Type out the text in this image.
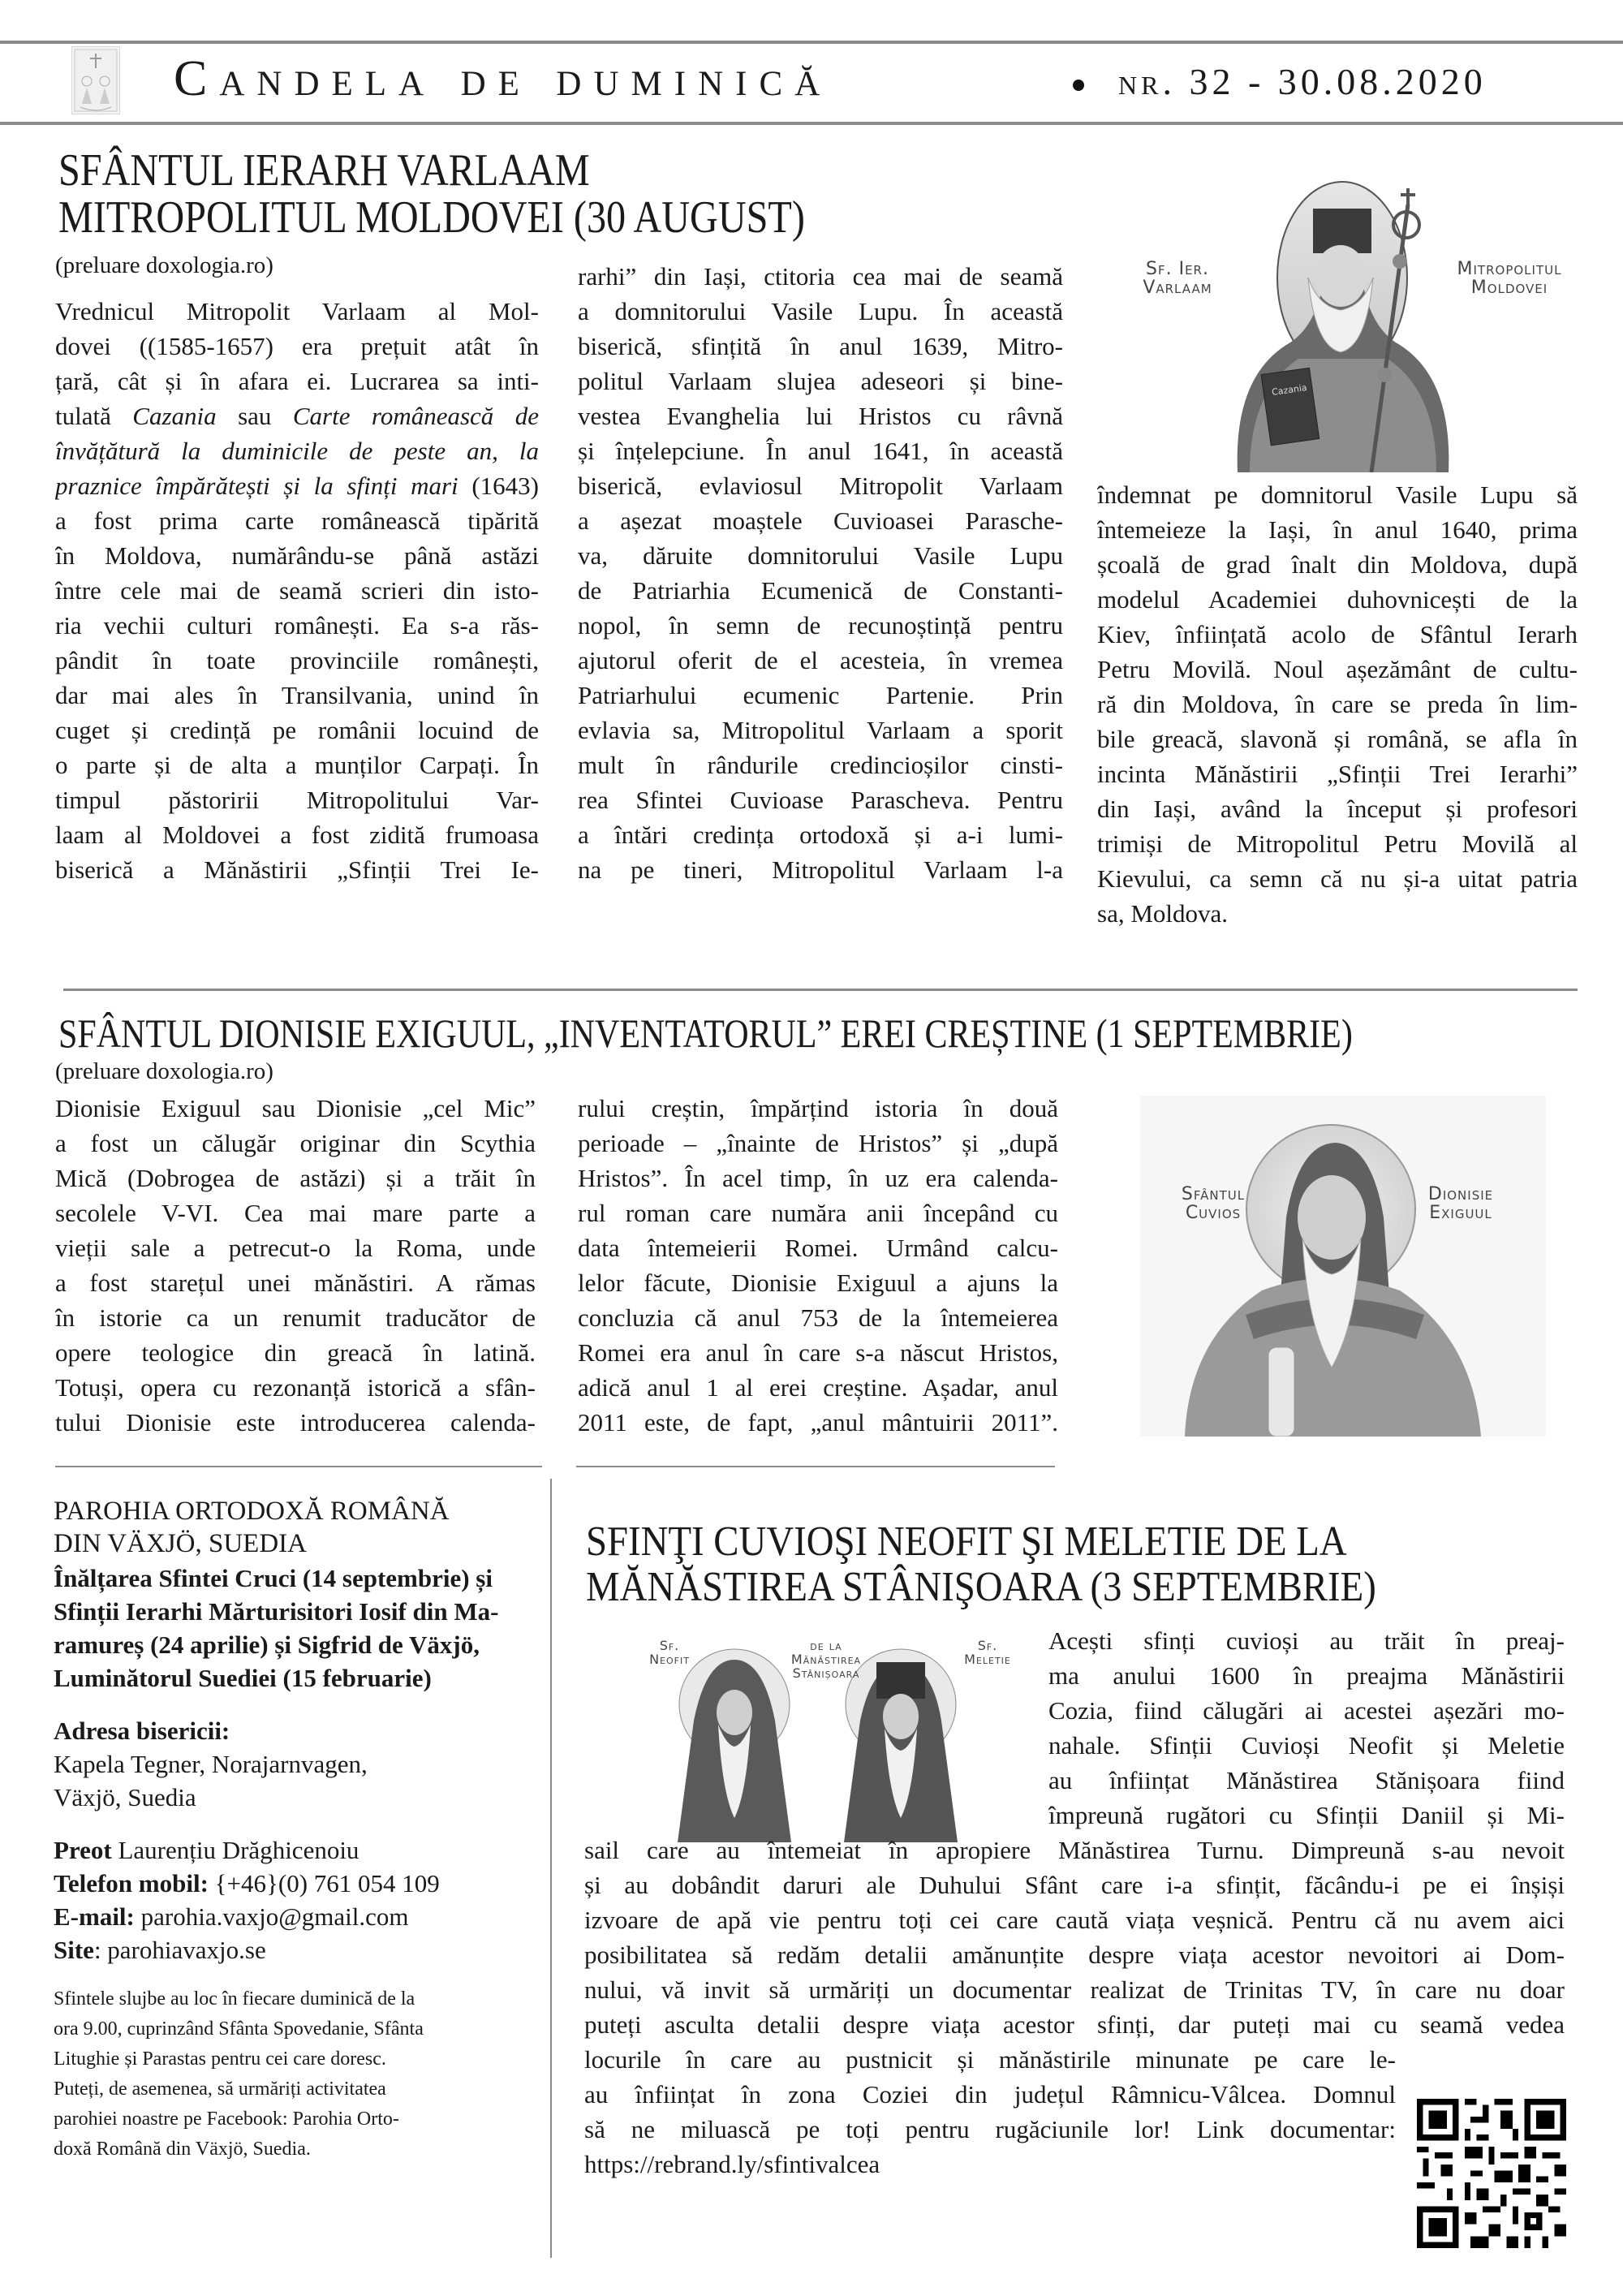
Candela de duminică	nr. 32 - 30.08.2020
SFÂNTUL IERARH VARLAAM
MITROPOLITUL MOLDOVEI (30 AUGUST)
(preluare doxologia.ro)
Vrednicul Mitropolit Varlaam al Mol-
dovei ((1585-1657) era prețuit atât în
țară, cât și în afara ei. Lucrarea sa inti-
tulată Cazania sau Carte românească de
învățătură la duminicile de peste an, la
praznice împărătești și la sfinți mari (1643)
a fost prima carte românească tipărită
în Moldova, numărându-se până astăzi
între cele mai de seamă scrieri din isto-
ria vechii culturi românești. Ea s-a răs-
pândit în toate provinciile românești,
dar mai ales în Transilvania, unind în
cuget și credință pe românii locuind de
o parte și de alta a munților Carpați. În
timpul păstoririi Mitropolitului Var-
laam al Moldovei a fost zidită frumoasa
biserică a Mănăstirii „Sfinții Trei Ie-
rarhi” din Iași, ctitoria cea mai de seamă
a domnitorului Vasile Lupu. În această
biserică, sfințită în anul 1639, Mitro-
politul Varlaam slujea adeseori și bine-
vestea Evanghelia lui Hristos cu râvnă
și înțelepciune. În anul 1641, în această
biserică, evlaviosul Mitropolit Varlaam
a așezat moaștele Cuvioasei Parasche-
va, dăruite domnitorului Vasile Lupu
de Patriarhia Ecumenică de Constanti-
nopol, în semn de recunoștință pentru
ajutorul oferit de el acesteia, în vremea
Patriarhului ecumenic Partenie. Prin
evlavia sa, Mitropolitul Varlaam a sporit
mult în rândurile credincioșilor cinsti-
rea Sfintei Cuvioase Parascheva. Pentru
a întări credința ortodoxă și a-i lumi-
na pe tineri, Mitropolitul Varlaam l-a
Cazania
Sf. Ier.
Varlaam
Mitropolitul
Moldovei
îndemnat pe domnitorul Vasile Lupu să
întemeieze la Iași, în anul 1640, prima
școală de grad înalt din Moldova, după
modelul Academiei duhovnicești de la
Kiev, înființată acolo de Sfântul Ierarh
Petru Movilă. Noul așezământ de cultu-
ră din Moldova, în care se preda în lim-
bile greacă, slavonă și română, se afla în
incinta Mănăstirii „Sfinții Trei Ierarhi”
din Iași, având la început și profesori
trimiși de Mitropolitul Petru Movilă al
Kievului, ca semn că nu și-a uitat patria
sa, Moldova.
SFÂNTUL DIONISIE EXIGUUL, „INVENTATORUL” EREI CREȘTINE (1 SEPTEMBRIE)
(preluare doxologia.ro)
Dionisie Exiguul sau Dionisie „cel Mic”
a fost un călugăr originar din Scythia
Mică (Dobrogea de astăzi) și a trăit în
secolele V-VI. Cea mai mare parte a
vieții sale a petrecut-o la Roma, unde
a fost starețul unei mănăstiri. A rămas
în istorie ca un renumit traducător de
opere teologice din greacă în latină.
Totuși, opera cu rezonanță istorică a sfân-
tului Dionisie este introducerea calenda-
rului creștin, împărțind istoria în două
perioade – „înainte de Hristos” și „după
Hristos”. În acel timp, în uz era calenda-
rul roman care număra anii începând cu
data întemeierii Romei. Urmând calcu-
lelor făcute, Dionisie Exiguul a ajuns la
concluzia că anul 753 de la întemeierea
Romei era anul în care s-a născut Hristos,
adică anul 1 al erei creștine. Așadar, anul
2011 este, de fapt, „anul mântuirii 2011”.
Sfântul
Cuvios
Dionisie
Exiguul
PAROHIA ORTODOXĂ ROMÂNĂ
DIN VÄXJÖ, SUEDIA
Înălțarea Sfintei Cruci (14 septembrie) și
Sfinții Ierarhi Mărturisitori Iosif din Ma-
ramureș (24 aprilie) și Sigfrid de Växjö,
Luminătorul Suediei (15 februarie)
Adresa bisericii:
Kapela Tegner, Norajarnvagen,
Växjö, Suedia
Preot Laurențiu Drăghicenoiu
Telefon mobil: {+46}(0) 761 054 109
E-mail: parohia.vaxjo@gmail.com
Site: parohiavaxjo.se
Sfintele slujbe au loc în fiecare duminică de la
ora 9.00, cuprinzând Sfânta Spovedanie, Sfânta
Litughie și Parastas pentru cei care doresc.
Puteți, de asemenea, să urmăriți activitatea
parohiei noastre pe Facebook: Parohia Orto-
doxă Română din Växjö, Suedia.
SFINŢI CUVIOŞI NEOFIT ŞI MELETIE DE LA
MĂNĂSTIREA STÂNIŞOARA (3 SEPTEMBRIE)
Sf. Neofit
de la
Mănăstirea
Stânișoara
Sf. Meletie
Acești sfinți cuvioși au trăit în preaj-
ma anului 1600 în preajma Mănăstirii
Cozia, fiind călugări ai acestei așezări mo-
nahale. Sfinții Cuvioși Neofit și Meletie
au înființat Mănăstirea Stănișoara fiind
împreună rugători cu Sfinții Daniil și Mi-
sail care au întemeiat în apropiere Mănăstirea Turnu. Dimpreună s-au nevoit
și au dobândit daruri ale Duhului Sfânt care i-a sfințit, făcându-i pe ei înșiși
izvoare de apă vie pentru toți cei care caută viața veșnică. Pentru că nu avem aici
posibilitatea să redăm detalii amănunțite despre viața acestor nevoitori ai Dom-
nului, vă invit să urmăriți un documentar realizat de Trinitas TV, în care nu doar
puteți asculta detalii despre viața acestor sfinți, dar puteți mai cu seamă vedea
locurile în care au pustnicit și mănăstirile minunate pe care le-
au înființat în zona Coziei din județul Râmnicu-Vâlcea. Domnul
să ne miluască pe toți pentru rugăciunile lor! Link documentar:
https://rebrand.ly/sfintivalcea
